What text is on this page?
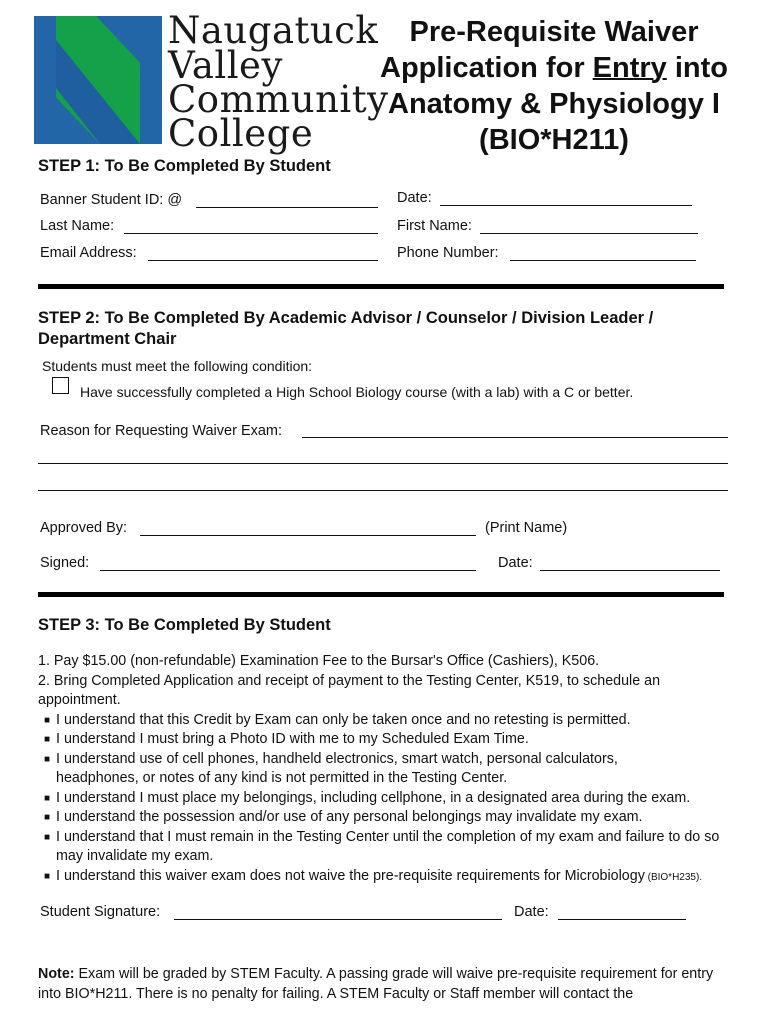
Naugatuck
Valley
Community
College
Pre-Requisite Waiver Application for Entry into Anatomy & Physiology I (BIO*H211)
STEP 1: To Be Completed By Student
Banner Student ID: @	Date:
Last Name:	First Name:
Email Address:	Phone Number:
STEP 2: To Be Completed By Academic Advisor / Counselor / Division Leader /
Department Chair
Students must meet the following condition:
Have successfully completed a High School Biology course (with a lab) with a C or better.
Reason for Requesting Waiver Exam:
Approved By:	(Print Name)
Signed:	Date:
STEP 3: To Be Completed By Student
1. Pay $15.00 (non-refundable) Examination Fee to the Bursar's Office (Cashiers), K506.
2. Bring Completed Application and receipt of payment to the Testing Center, K519, to schedule an
appointment.
■ I understand that this Credit by Exam can only be taken once and no retesting is permitted.
■ I understand I must bring a Photo ID with me to my Scheduled Exam Time.
■ I understand use of cell phones, handheld electronics, smart watch, personal calculators, headphones, or notes of any kind is not permitted in the Testing Center.
■ I understand I must place my belongings, including cellphone, in a designated area during the exam.
■ I understand the possession and/or use of any personal belongings may invalidate my exam.
■ I understand that I must remain in the Testing Center until the completion of my exam and failure to do so may invalidate my exam.
■ I understand this waiver exam does not waive the pre-requisite requirements for Microbiology (BIO*H235).
Student Signature:	Date:
Note: Exam will be graded by STEM Faculty. A passing grade will waive pre-requisite requirement for entry into BIO*H211. There is no penalty for failing. A STEM Faculty or Staff member will contact the
